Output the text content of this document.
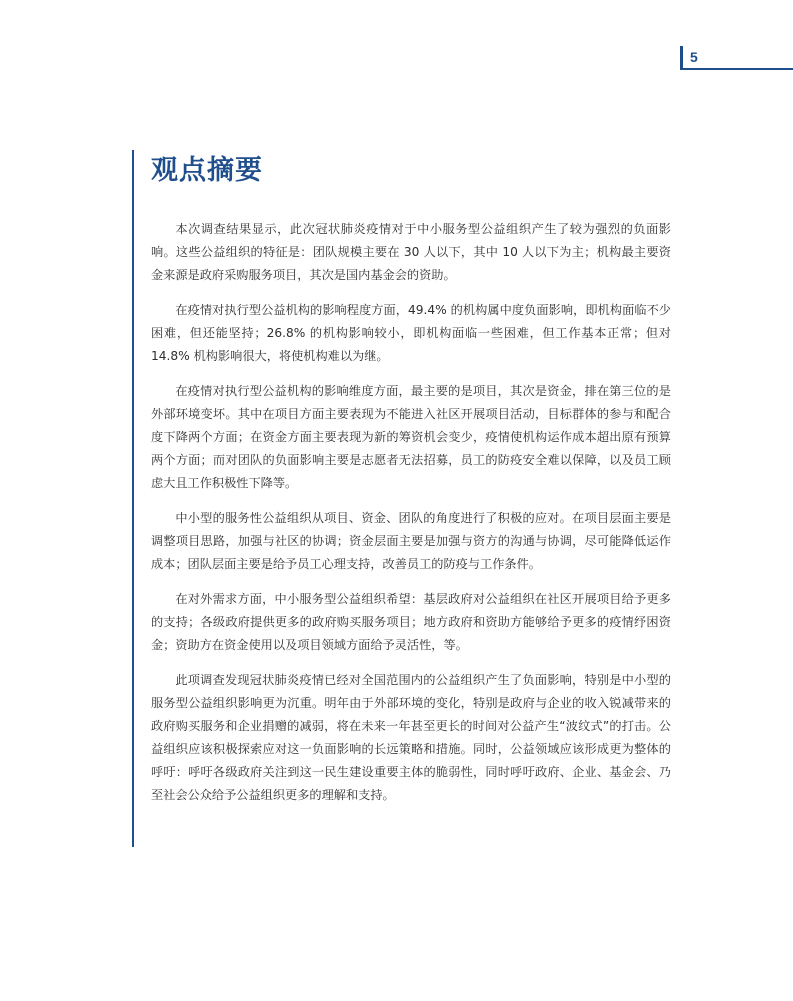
5
观点摘要

本次调查结果显示，此次冠状肺炎疫情对于中小服务型公益组织产生了较为强烈的负面影响。这些公益组织的特征是：团队规模主要在 30 人以下，其中 10 人以下为主；机构最主要资金来源是政府采购服务项目，其次是国内基金会的资助。

在疫情对执行型公益机构的影响程度方面，49.4% 的机构属中度负面影响，即机构面临不少困难，但还能坚持；26.8% 的机构影响较小，即机构面临一些困难，但工作基本正常；但对 14.8% 机构影响很大，将使机构难以为继。

在疫情对执行型公益机构的影响维度方面，最主要的是项目，其次是资金，排在第三位的是外部环境变坏。其中在项目方面主要表现为不能进入社区开展项目活动，目标群体的参与和配合度下降两个方面；在资金方面主要表现为新的筹资机会变少，疫情使机构运作成本超出原有预算两个方面；而对团队的负面影响主要是志愿者无法招募，员工的防疫安全难以保障，以及员工顾虑大且工作积极性下降等。

中小型的服务性公益组织从项目、资金、团队的角度进行了积极的应对。在项目层面主要是调整项目思路，加强与社区的协调；资金层面主要是加强与资方的沟通与协调，尽可能降低运作成本；团队层面主要是给予员工心理支持，改善员工的防疫与工作条件。

在对外需求方面，中小服务型公益组织希望：基层政府对公益组织在社区开展项目给予更多的支持；各级政府提供更多的政府购买服务项目；地方政府和资助方能够给予更多的疫情纾困资金；资助方在资金使用以及项目领域方面给予灵活性，等。

此项调查发现冠状肺炎疫情已经对全国范围内的公益组织产生了负面影响，特别是中小型的服务型公益组织影响更为沉重。明年由于外部环境的变化，特别是政府与企业的收入锐减带来的政府购买服务和企业捐赠的减弱，将在未来一年甚至更长的时间对公益产生“波纹式”的打击。公益组织应该积极探索应对这一负面影响的长远策略和措施。同时，公益领域应该形成更为整体的呼吁：呼吁各级政府关注到这一民生建设重要主体的脆弱性，同时呼吁政府、企业、基金会、乃至社会公众给予公益组织更多的理解和支持。
